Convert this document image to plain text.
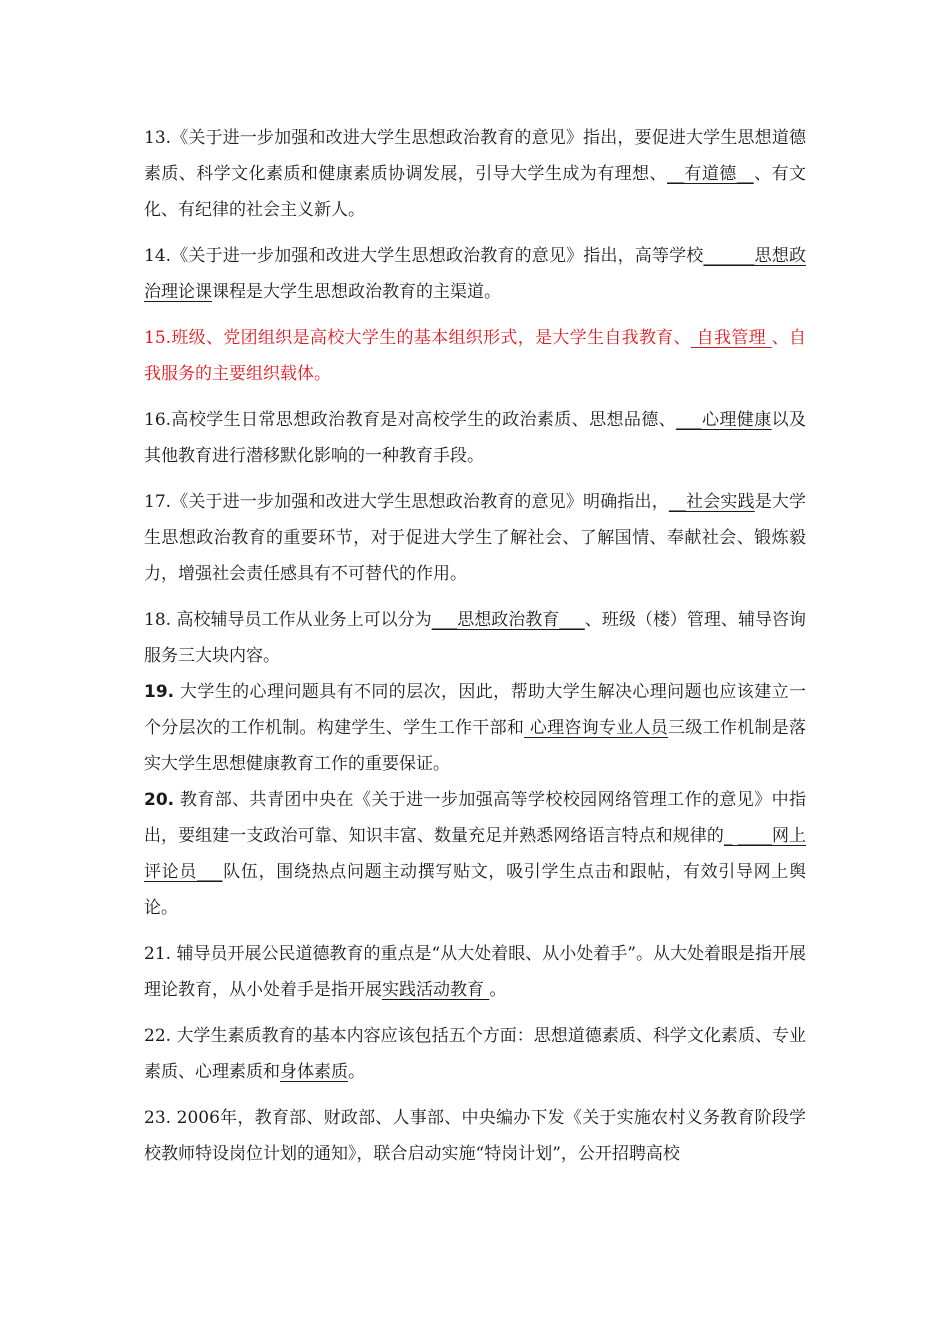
13.《关于进一步加强和改进大学生思想政治教育的意见》指出，要促进大学生思想道德素质、科学文化素质和健康素质协调发展，引导大学生成为有理想、__有道德__、有文化、有纪律的社会主义新人。

14.《关于进一步加强和改进大学生思想政治教育的意见》指出，高等学校______思想政治理论课课程是大学生思想政治教育的主渠道。

15.班级、党团组织是高校大学生的基本组织形式，是大学生自我教育、 自我管理 、自我服务的主要组织载体。

16.高校学生日常思想政治教育是对高校学生的政治素质、思想品德、___心理健康以及其他教育进行潜移默化影响的一种教育手段。

17.《关于进一步加强和改进大学生思想政治教育的意见》明确指出，__社会实践是大学生思想政治教育的重要环节，对于促进大学生了解社会、了解国情、奉献社会、锻炼毅力，增强社会责任感具有不可替代的作用。

18. 高校辅导员工作从业务上可以分为___思想政治教育___、班级（楼）管理、辅导咨询服务三大块内容。

19. 大学生的心理问题具有不同的层次，因此，帮助大学生解决心理问题也应该建立一个分层次的工作机制。构建学生、学生工作干部和 心理咨询专业人员三级工作机制是落实大学生思想健康教育工作的重要保证。

20. 教育部、共青团中央在《关于进一步加强高等学校校园网络管理工作的意见》中指出，要组建一支政治可靠、知识丰富、数量充足并熟悉网络语言特点和规律的_ ____网上评论员___队伍，围绕热点问题主动撰写贴文，吸引学生点击和跟帖，有效引导网上舆论。

21. 辅导员开展公民道德教育的重点是“从大处着眼、从小处着手”。从大处着眼是指开展理论教育，从小处着手是指开展实践活动教育 。

22. 大学生素质教育的基本内容应该包括五个方面：思想道德素质、科学文化素质、专业素质、心理素质和身体素质。

23. 2006年，教育部、财政部、人事部、中央编办下发《关于实施农村义务教育阶段学校教师特设岗位计划的通知》，联合启动实施“特岗计划”，公开招聘高校
